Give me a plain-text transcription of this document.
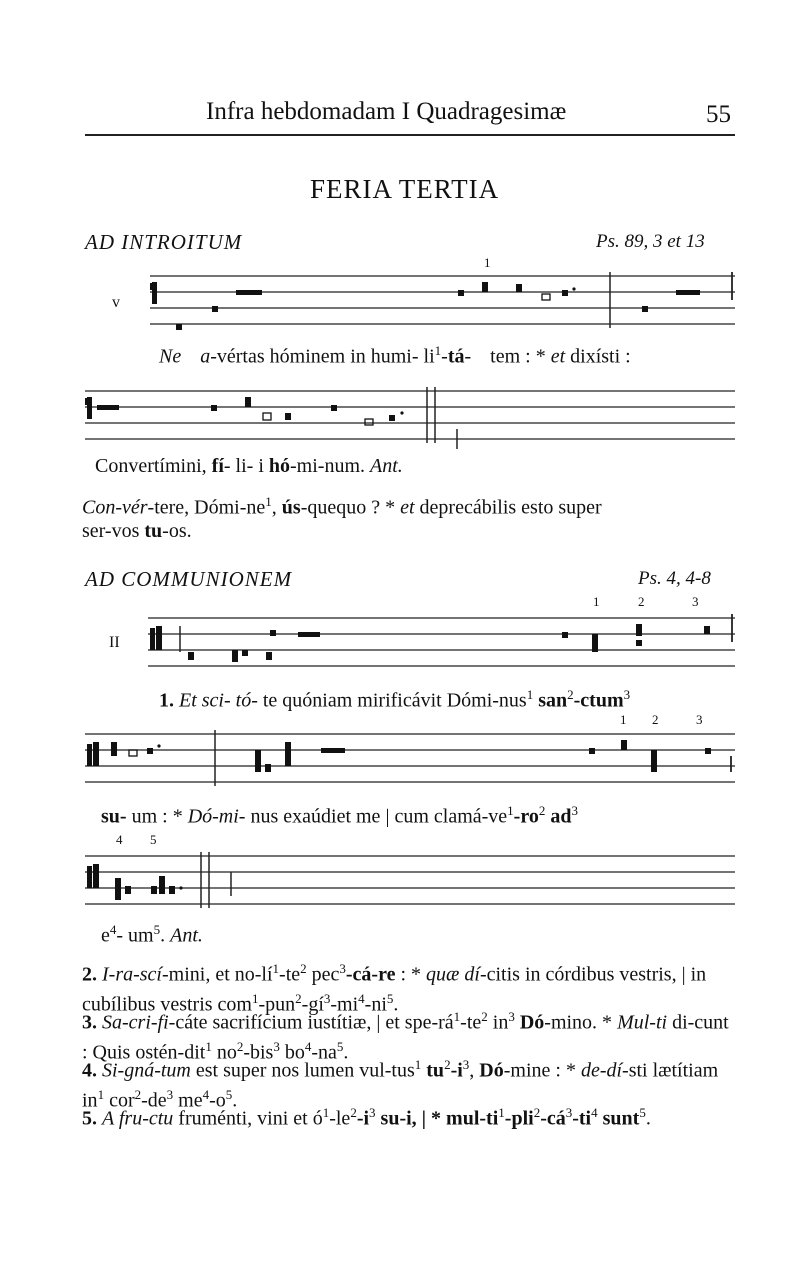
Infra hebdomadam I Quadragesimæ	55
FERIA TERTIA
AD INTROITUM	Ps. 89, 3 et 13
1
v
Ne a-vértas hóminem in humi- $li^1-tá-$ tem : * et dixísti :
Convertímini, fí- li- i hó-mi-num. Ant.
Con-vér-tere, Dómi-$ne^1$, ús-quequo ? * et deprecábilis esto super
ser-vos tu-os.
AD COMMUNIONEM	Ps. 4, 4-8
1	2	3
II
1. Et sci- tó- te quóniam mirificávit Dómi-nus$^1$ san$^2$-ctum$^3$
1 2	3
su- um : * Dó-mi- nus exaúdiet me | cum clamá-$ve^1-ro^2$ $ad^3$
4 5
$e^4-$ $um^5$. Ant.
2. I-ra-scí-mini, et $no-lí^1-te^2$ pec$^3$-cá-re : * quæ dí-citis in córdibus vestris, | in cubílibus vestris $com^1-pun^2-gí^3-mi^4-ni^5$.
3. Sa-cri-fi-cáte sacrifícium iustítiæ, | et spe-$rá^1-te^2$ $in^3$ Dó-mino. * Mul-ti di-cunt : Quis ostén-dit$^1$ $no^2-bis^3$ $bo^4-na^5$.
4. Si-gná-tum est super nos lumen vul-tus$^1$ $tu^2-i^3$, Dó-mine : * de-dí-sti lætítiam $in^1$ $cor^2-de^3$ $me^4-o^5$.
5. A fru-ctu fruménti, vini et $ó^1-le^2-i^3$ su-i, | * mul-$ti^1-pli^2-cá^3-ti^4$ sunt$^5$.
